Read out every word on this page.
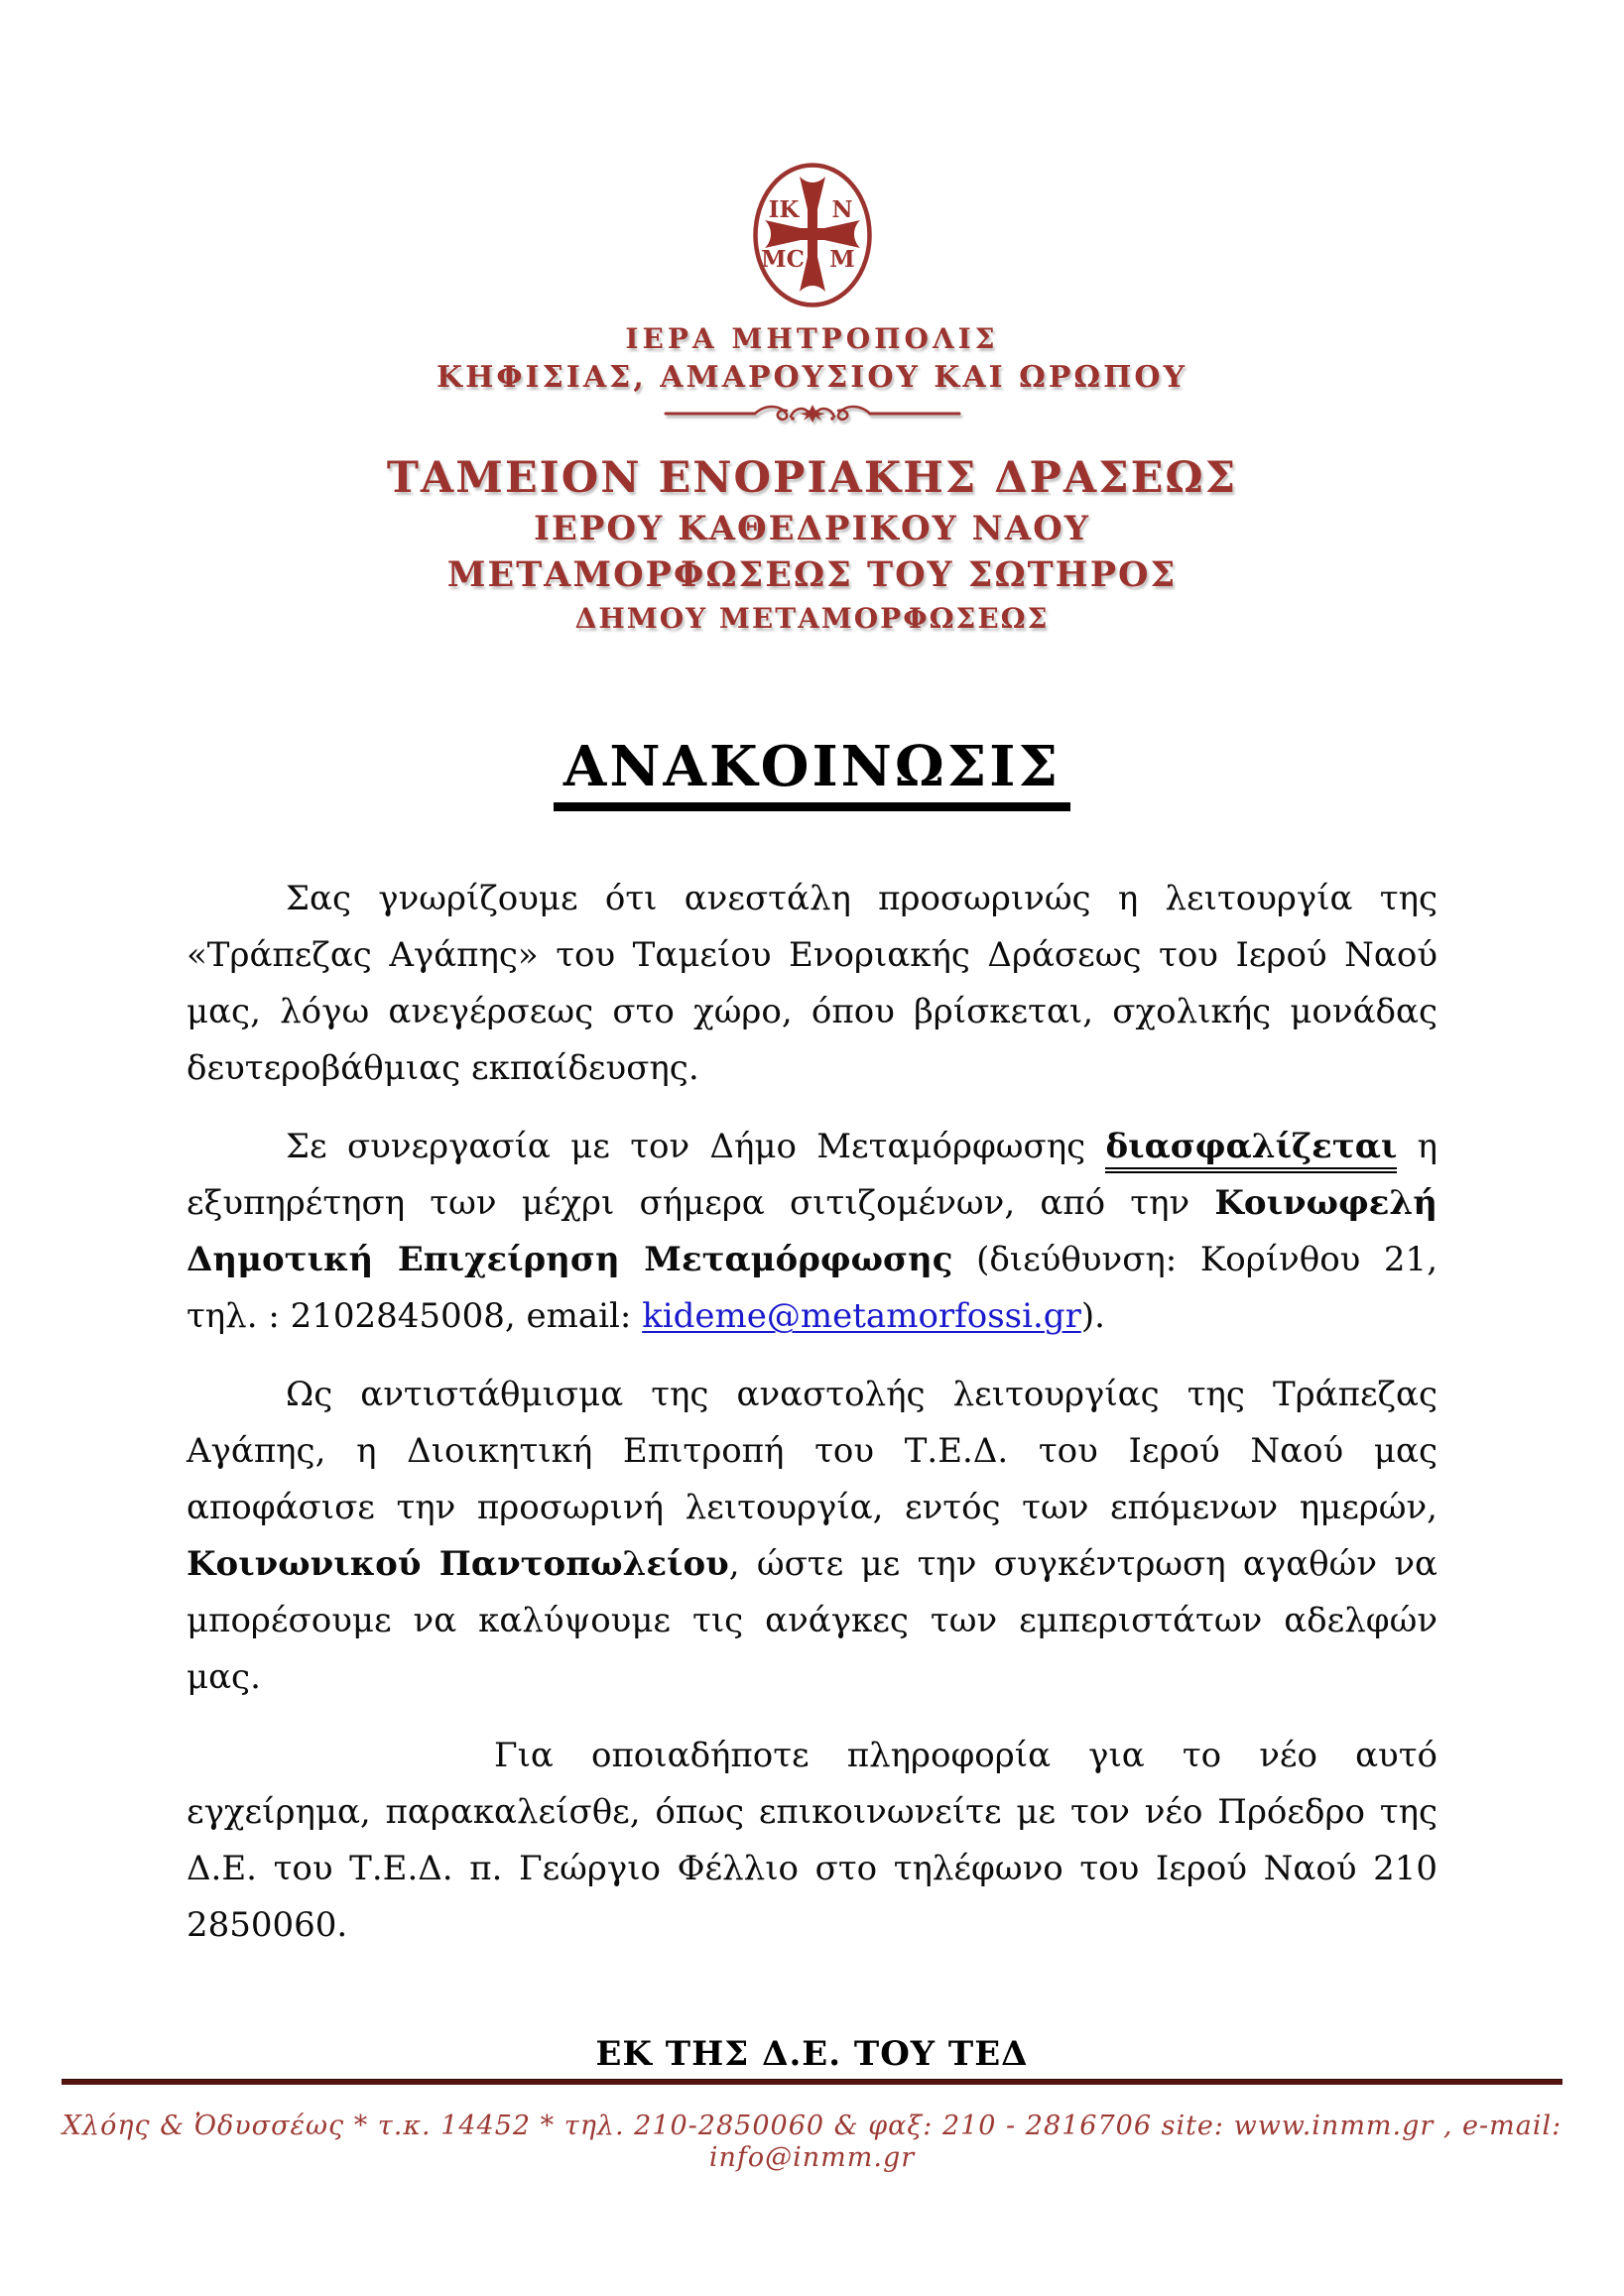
IK N
MC M
ΙΕΡΑ ΜΗΤΡΟΠΟΛΙΣ
ΚΗΦΙΣΙΑΣ, ΑΜΑΡΟΥΣΙΟΥ ΚΑΙ ΩΡΩΠΟΥ
ΤΑΜΕΙΟΝ ΕΝΟΡΙΑΚΗΣ ΔΡΑΣΕΩΣ
ΙΕΡΟΥ ΚΑΘΕΔΡΙΚΟΥ ΝΑΟΥ
ΜΕΤΑΜΟΡΦΩΣΕΩΣ ΤΟΥ ΣΩΤΗΡΟΣ
ΔΗΜΟΥ ΜΕΤΑΜΟΡΦΩΣΕΩΣ
ΑΝΑΚΟΙΝΩΣΙΣ

Σας γνωρίζουμε ότι ανεστάλη προσωρινώς η λειτουργία της «Τράπεζας Αγάπης» του Ταμείου Ενοριακής Δράσεως του Ιερού Ναού μας, λόγω ανεγέρσεως στο χώρο, όπου βρίσκεται, σχολικής μονάδας δευτεροβάθμιας εκπαίδευσης.

Σε συνεργασία με τον Δήμο Μεταμόρφωσης διασφαλίζεται η εξυπηρέτηση των μέχρι σήμερα σιτιζομένων, από την Κοινωφελή Δημοτική Επιχείρηση Μεταμόρφωσης (διεύθυνση: Κορίνθου 21, τηλ. : 2102845008, email: kideme@metamorfossi.gr).

Ως αντιστάθμισμα της αναστολής λειτουργίας της Τράπεζας Αγάπης, η Διοικητική Επιτροπή του Τ.Ε.Δ. του Ιερού Ναού μας αποφάσισε την προσωρινή λειτουργία, εντός των επόμενων ημερών, Κοινωνικού Παντοπωλείου, ώστε με την συγκέντρωση αγαθών να μπορέσουμε να καλύψουμε τις ανάγκες των εμπεριστάτων αδελφών μας.

Για οποιαδήποτε πληροφορία για το νέο αυτό εγχείρημα, παρακαλείσθε, όπως επικοινωνείτε με τον νέο Πρόεδρο της Δ.Ε. του Τ.Ε.Δ. π. Γεώργιο Φέλλιο στο τηλέφωνο του Ιερού Ναού 210 2850060.

ΕΚ ΤΗΣ Δ.Ε. ΤΟΥ ΤΕΔ
Χλόης & Ὀδυσσέως * τ.κ. 14452 * τηλ. 210-2850060 & φαξ: 210 - 2816706 site: www.inmm.gr , e-mail: info@inmm.gr
